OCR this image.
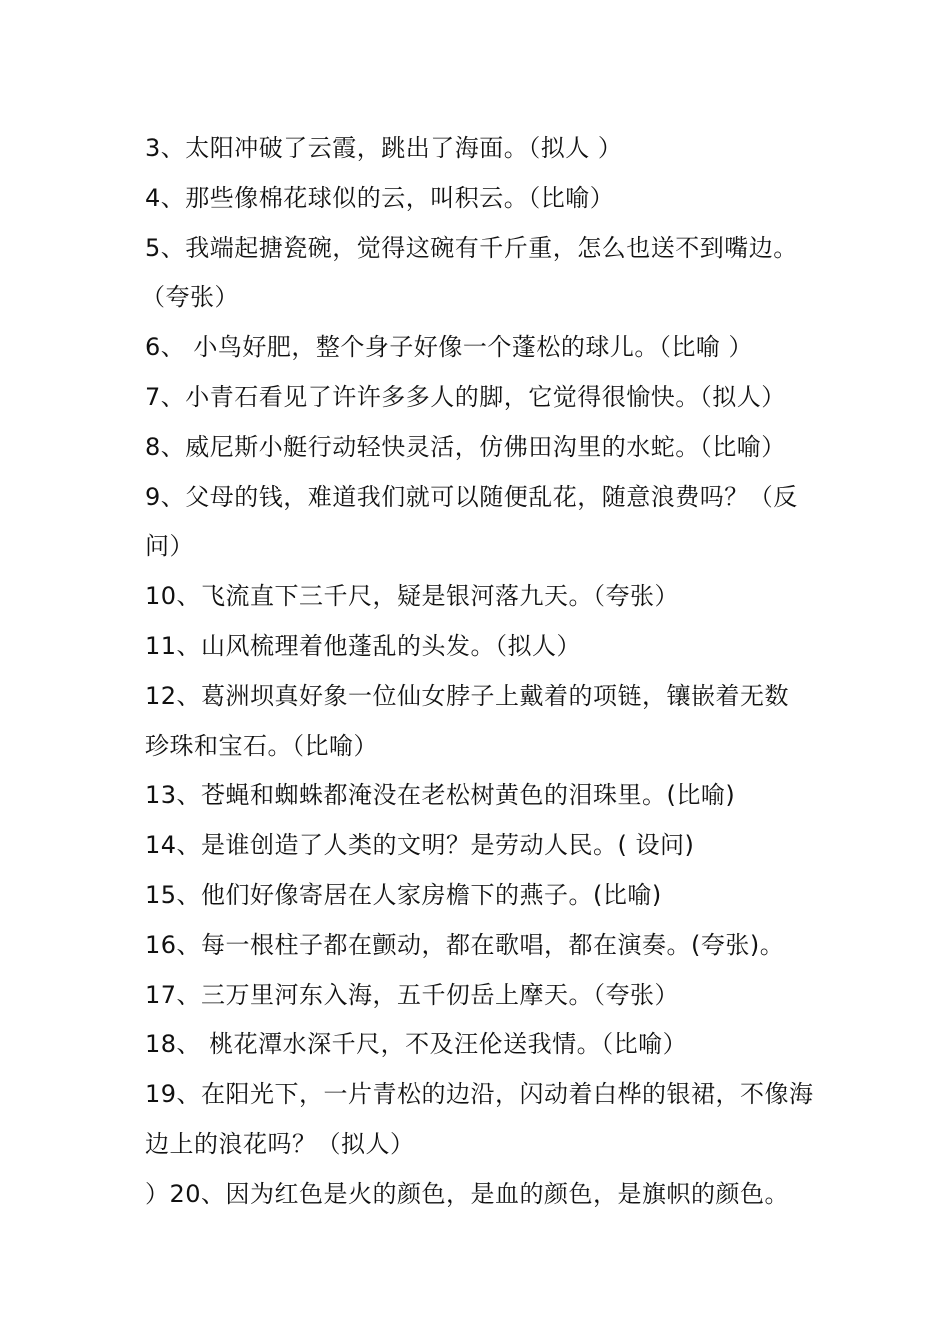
3、太阳冲破了云霞，跳出了海面。（拟人 ）
4、那些像棉花球似的云，叫积云。（比喻）
5、我端起搪瓷碗，觉得这碗有千斤重，怎么也送不到嘴边。
（夸张）
6、 小鸟好肥，整个身子好像一个蓬松的球儿。（比喻 ）
7、小青石看见了许许多多人的脚，它觉得很愉快。（拟人）
8、威尼斯小艇行动轻快灵活，仿佛田沟里的水蛇。（比喻）
9、父母的钱，难道我们就可以随便乱花，随意浪费吗？（反
问）
10、飞流直下三千尺，疑是银河落九天。（夸张）
11、山风梳理着他蓬乱的头发。（拟人）
12、葛洲坝真好象一位仙女脖子上戴着的项链，镶嵌着无数
珍珠和宝石。（比喻）
13、苍蝇和蜘蛛都淹没在老松树黄色的泪珠里。(比喻)
14、是谁创造了人类的文明？是劳动人民。( 设问)
15、他们好像寄居在人家房檐下的燕子。(比喻)
16、每一根柱子都在颤动，都在歌唱，都在演奏。(夸张)。
17、三万里河东入海，五千仞岳上摩天。（夸张）
18、 桃花潭水深千尺，不及汪伦送我情。（比喻）
19、在阳光下，一片青松的边沿，闪动着白桦的银裙，不像海
边上的浪花吗？（拟人）
）20、因为红色是火的颜色，是血的颜色，是旗帜的颜色。
